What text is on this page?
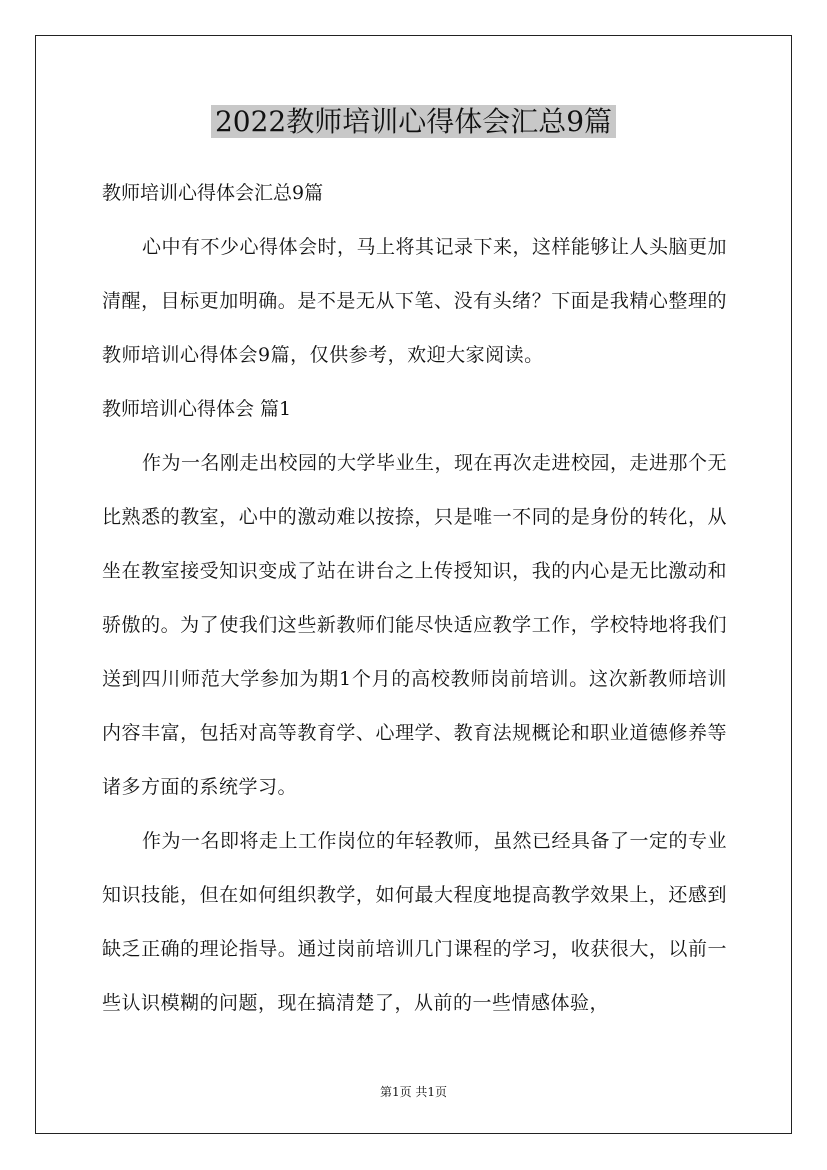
2022教师培训心得体会汇总9篇

教师培训心得体会汇总9篇

心中有不少心得体会时，马上将其记录下来，这样能够让人头脑更加清醒，目标更加明确。是不是无从下笔、没有头绪？下面是我精心整理的教师培训心得体会9篇，仅供参考，欢迎大家阅读。

教师培训心得体会 篇1

作为一名刚走出校园的大学毕业生，现在再次走进校园，走进那个无比熟悉的教室，心中的激动难以按捺，只是唯一不同的是身份的转化，从坐在教室接受知识变成了站在讲台之上传授知识，我的内心是无比激动和骄傲的。为了使我们这些新教师们能尽快适应教学工作，学校特地将我们送到四川师范大学参加为期1个月的高校教师岗前培训。这次新教师培训内容丰富，包括对高等教育学、心理学、教育法规概论和职业道德修养等诸多方面的系统学习。

作为一名即将走上工作岗位的年轻教师，虽然已经具备了一定的专业知识技能，但在如何组织教学，如何最大程度地提高教学效果上，还感到缺乏正确的理论指导。通过岗前培训几门课程的学习，收获很大，以前一些认识模糊的问题，现在搞清楚了，从前的一些情感体验，

第1页 共1页
